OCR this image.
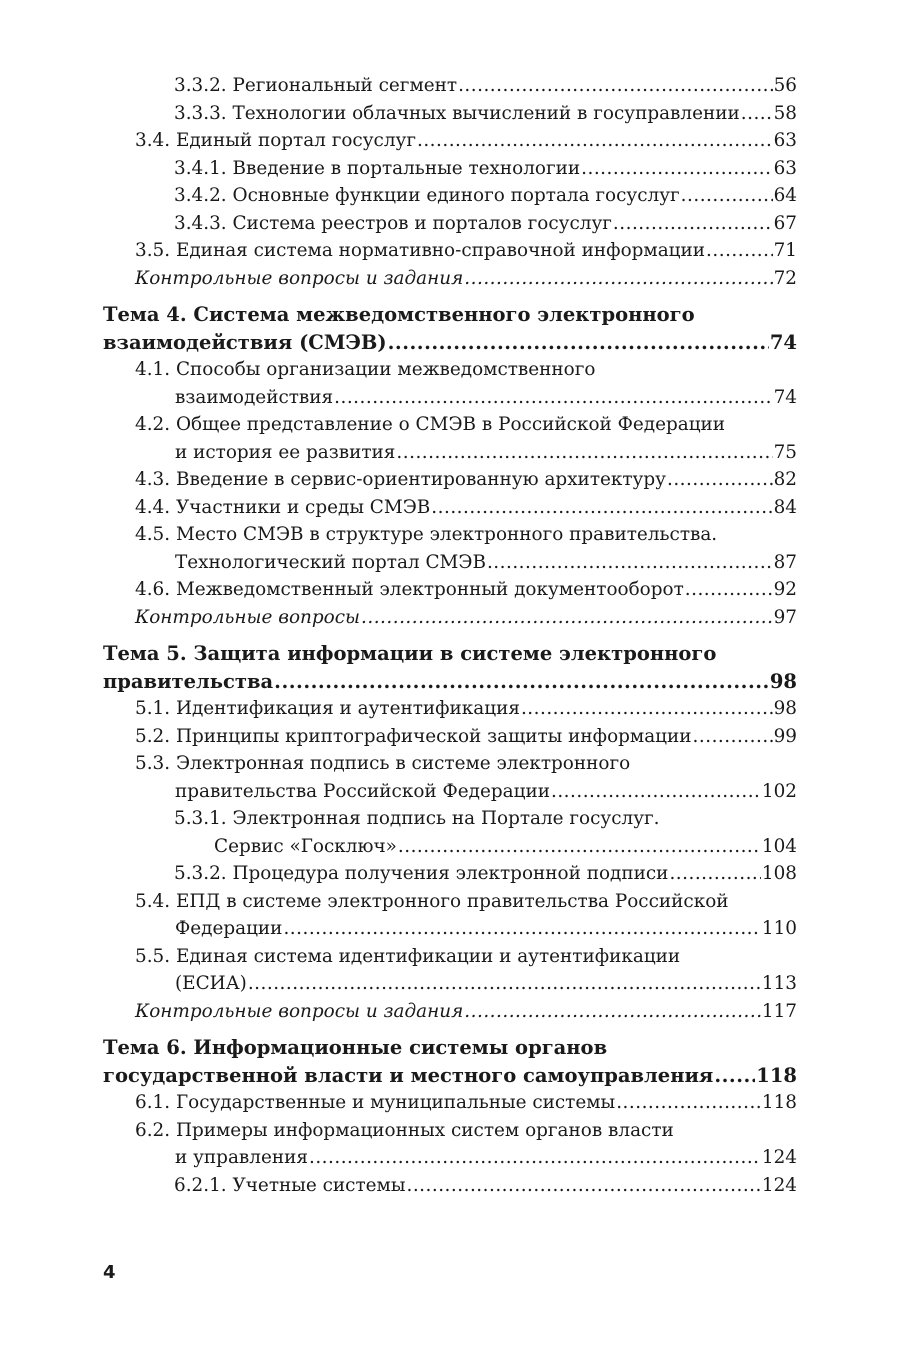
3.3.2. Региональный сегмент .....	56
3.3.3. Технологии облачных вычислений в госуправлении ..... 58
3.4. Единый портал госуслуг .....	63
3.4.1. Введение в портальные технологии .....	63
3.4.2. Основные функции единого портала госуслуг .....	64
3.4.3. Система реестров и порталов госуслуг .....	67
3.5. Единая система нормативно-справочной информации .....	71
Контрольные вопросы и задания .....	72
Тема 4. Система межведомственного электронного
взаимодействия (СМЭВ) .....	74
4.1. Способы организации межведомственного
взаимодействия .....	74
4.2. Общее представление о СМЭВ в Российской Федерации
и история ее развития .....	75
4.3. Введение в сервис-ориентированную архитектуру .....	82
4.4. Участники и среды СМЭВ .....	84
4.5. Место СМЭВ в структуре электронного правительства.
Технологический портал СМЭВ .....	87
4.6. Межведомственный электронный документооборот .....	92
Контрольные вопросы .....	97
Тема 5. Защита информации в системе электронного
правительства .....	98
5.1. Идентификация и аутентификация .....	98
5.2. Принципы криптографической защиты информации .....	99
5.3. Электронная подпись в системе электронного
правительства Российской Федерации .....	102
5.3.1. Электронная подпись на Портале госуслуг.
Сервис «Госключ» .....	104
5.3.2. Процедура получения электронной подписи .....	108
5.4. ЕПД в системе электронного правительства Российской
Федерации .....	110
5.5. Единая система идентификации и аутентификации
(ЕСИА) .....	113
Контрольные вопросы и задания .....	117
Тема 6. Информационные системы органов
государственной власти и местного самоуправления ..... 118
6.1. Государственные и муниципальные системы .....	118
6.2. Примеры информационных систем органов власти
и управления .....	124
6.2.1. Учетные системы .....	124
4
